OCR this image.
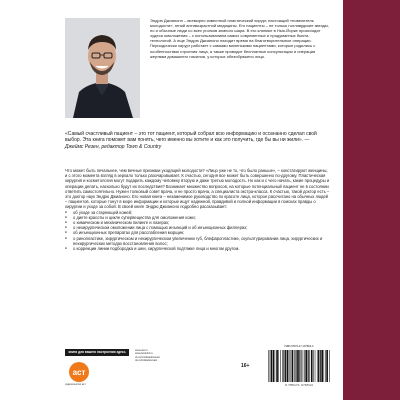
Эндрю Джианонн – всемирно известный пластический хирург, настоящий «повелитель молодости», гений антивозрастной медицины. Его пациенты – не только голливудские звезды, но и обычные люди со всех уголков земного шара. В его клинике в Нью-Йорке происходят чудеса омоложения – с использованием самых современных и продуманных бьюти-технологий. А еще Эндрю Джианоно находит время на благотворительные операции. Периодически хирург работает с самыми маленькими пациентами, которые родились с особенностями строения лица, а также проводит бесплатные консультации и операции жертвам домашнего насилия, у которых обезображено лицо.
«Самый счастливый пациент – это тот пациент, который собрал всю информацию и осознанно сделал свой выбор. Эта книга поможет вам понять, чего именно вы хотите и как это получить, где бы вы ни жили». — Джеймс Резен, редактор Town & Country
Что может быть печальнее, чем вечные признаки уходящей молодости? «Лицо уже не то, что было раньше», – констатируют женщины, и с этого момента взгляд в зеркало только разочаровывает. К счастью, сегодня все может быть совершенно по-другому. Пластическая хирургия и косметология могут подарить каждому человеку вторую и даже третью молодость. Но как и с чего начать, какие процедуры и операции делать, насколько будут их последствия? Возникает множество вопросов, на которые потенциальный пациент не в состоянии ответить самостоятельно. Нужен толковый совет врача, и не просто врача, а специалиста экстра-класса. К счастью, такой доктор есть – это доктор наук Эндрю Джианоно. Его новая книга – незаменимое руководство по красоте лица, которое рассчитано на обычных людей – пациентов, которые тонут в море информации и которые ищут надежной, правдивой и полной информации в поисках правды о хирургии и уходе за собой. В своей книге Эндрю Джианоно подробно рассказывает:
● об уходе за стареющей кожей;
● о диете красоты и цикле супервещества для омоложения кожи;
● о химическом и механическом пилинге и лазерах;
● о нехирургическом омоложении лица с помощью инъекций и об инъекционных филлерах;
● об инъекционных препаратах для расслабления морщин;
● о ринопластике, хирургическом и нехирургическом увеличении губ, блефаропластике, скульптурировании лица, хирургических и нехирургических методах восстановления волос;
● о коррекции линии подбородка и шеи, хирургической подтяжке лица и многом другом.
книги для вашего настроения здесь
аст
издательство аст
www.ast.ru
www.book24.ru
vk.com/izdatelstvoast
ok.ru/izdatelstvoast
16+
ISBN 978-5-17-107664-4
9 785171 079544
